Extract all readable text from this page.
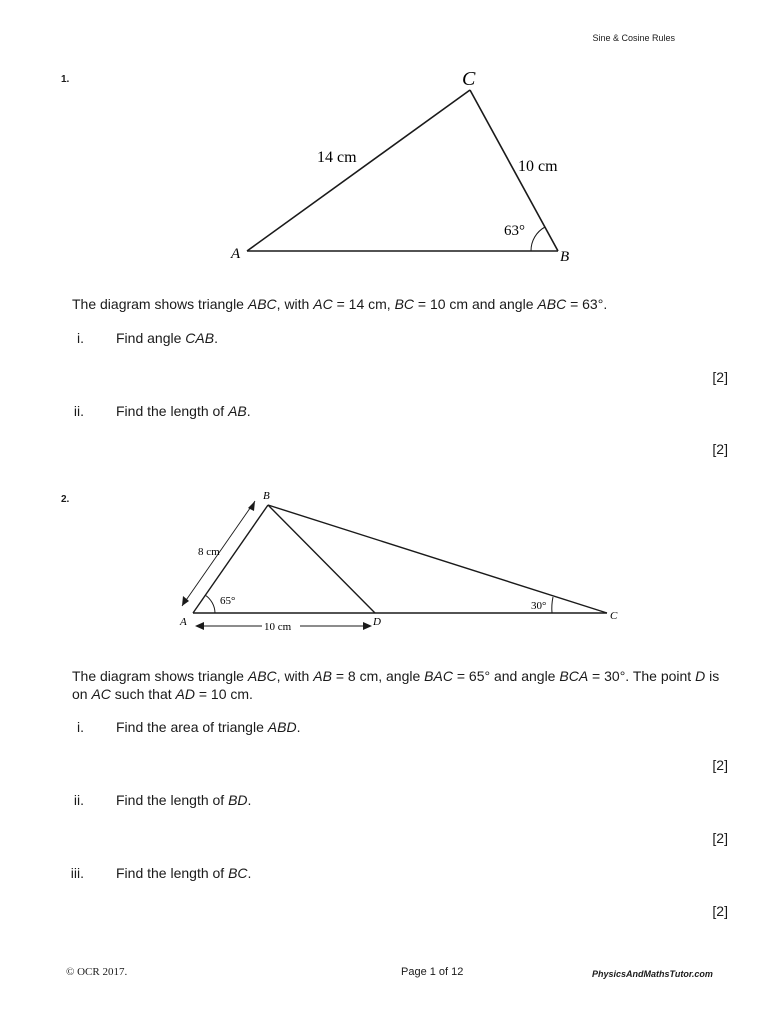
Sine & Cosine Rules
1.	C
A	B
14 cm
10 cm
63°
The diagram shows triangle ABC, with AC = 14 cm, BC = 10 cm and angle ABC = 63°.
i. Find angle CAB.
[2]
ii. Find the length of AB.
[2]
2.	B
A	C
D
8 cm
10 cm
65°	30°
The diagram shows triangle ABC, with AB = 8 cm, angle BAC = 65° and angle BCA = 30°. The point D is on AC such that AD = 10 cm.
i. Find the area of triangle ABD.
[2]
ii. Find the length of BD.
[2]
iii. Find the length of BC.
[2]
© OCR 2017.	Page 1 of 12	PhysicsAndMathsTutor.com
